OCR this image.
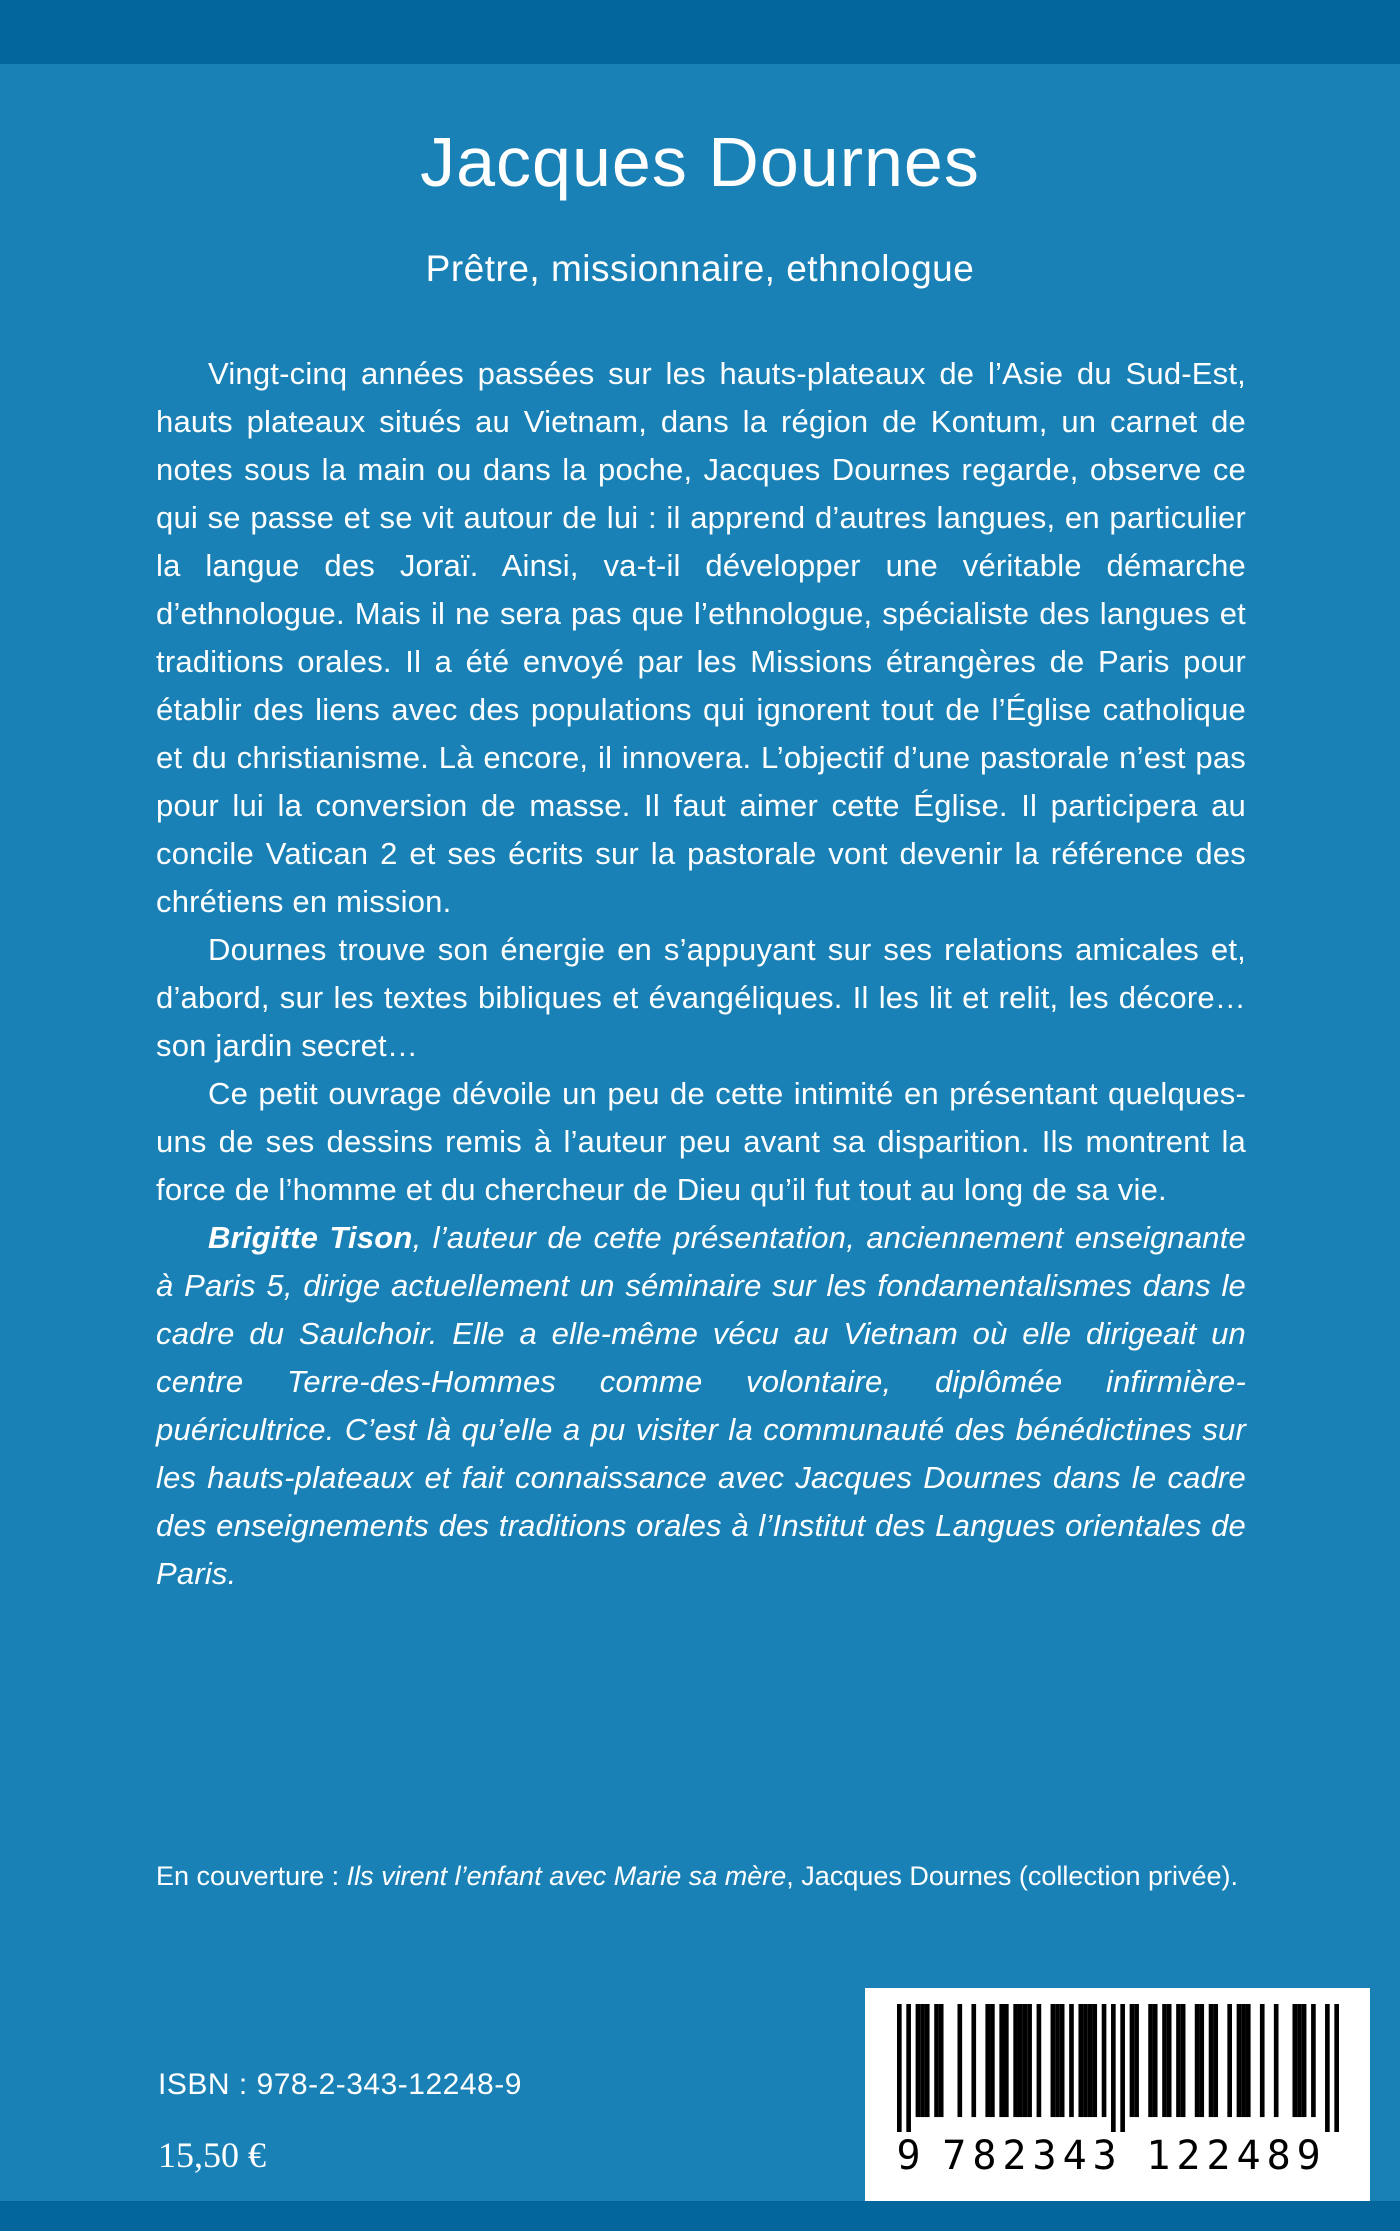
Jacques Dournes
Prêtre, missionnaire, ethnologue

Vingt-cinq années passées sur les hauts-plateaux de l’Asie du Sud-Est, hauts plateaux situés au Vietnam, dans la région de Kontum, un carnet de notes sous la main ou dans la poche, Jacques Dournes regarde, observe ce qui se passe et se vit autour de lui : il apprend d’autres langues, en particulier la langue des Joraï. Ainsi, va-t-il développer une véritable démarche d’ethnologue. Mais il ne sera pas que l’ethnologue, spécialiste des langues et traditions orales. Il a été envoyé par les Missions étrangères de Paris pour établir des liens avec des populations qui ignorent tout de l’Église catholique et du christianisme. Là encore, il innovera. L’objectif d’une pastorale n’est pas pour lui la conversion de masse. Il faut aimer cette Église. Il participera au concile Vatican 2 et ses écrits sur la pastorale vont devenir la référence des chrétiens en mission.

Dournes trouve son énergie en s’appuyant sur ses relations amicales et, d’abord, sur les textes bibliques et évangéliques. Il les lit et relit, les décore… son jardin secret…

Ce petit ouvrage dévoile un peu de cette intimité en présentant quelques-uns de ses dessins remis à l’auteur peu avant sa disparition. Ils montrent la force de l’homme et du chercheur de Dieu qu’il fut tout au long de sa vie.

Brigitte Tison, l’auteur de cette présentation, anciennement enseignante à Paris 5, dirige actuellement un séminaire sur les fondamentalismes dans le cadre du Saulchoir. Elle a elle-même vécu au Vietnam où elle dirigeait un centre Terre-des-Hommes comme volontaire, diplômée infirmière-puéricultrice. C’est là qu’elle a pu visiter la communauté des bénédictines sur les hauts-plateaux et fait connaissance avec Jacques Dournes dans le cadre des enseignements des traditions orales à l’Institut des Langues orientales de Paris.

En couverture : Ils virent l’enfant avec Marie sa mère, Jacques Dournes (collection privée).
ISBN : 978-2-343-12248-9
15,50 €	9 782343 122489
